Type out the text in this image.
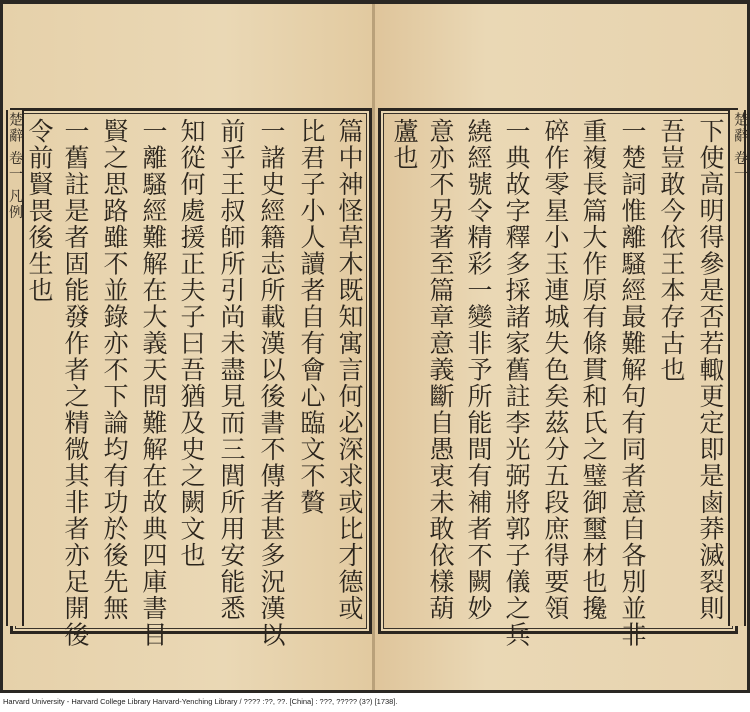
楚辭 卷一 凡例	楚辭 卷一
篇中神怪草木既知寓言何必深求或比才德或
比君子小人讀者自有會心臨文不贅
一諸史經籍志所載漢以後書不傳者甚多況漢以
前乎王叔師所引尚未盡見而三閭所用安能悉
知從何處援正夫子曰吾猶及史之闕文也
一離騷經難解在大義天問難解在故典四庫書目
賢之思路雖不並錄亦不下論均有功於後先無
一舊註是者固能發作者之精微其非者亦足開後
令前賢畏後生也	下使高明得參是否若輙更定即是鹵莽滅裂則
吾豈敢今依王本存古也
一楚詞惟離騷經最難解句有同者意自各別並非
重複長篇大作原有條貫和氏之璧御璽材也攙
碎作零星小玉連城失色矣茲分五段庶得要領
一典故字釋多採諸家舊註李光弼將郭子儀之兵
繞經號令精彩一變非予所能間有補者不闕妙
意亦不另著至篇章意義斷自愚衷未敢依樣葫
蘆也
Harvard University - Harvard College Library Harvard-Yenching Library / ???? :??, ??. [China] : ???, ????? (3?) [1738].
